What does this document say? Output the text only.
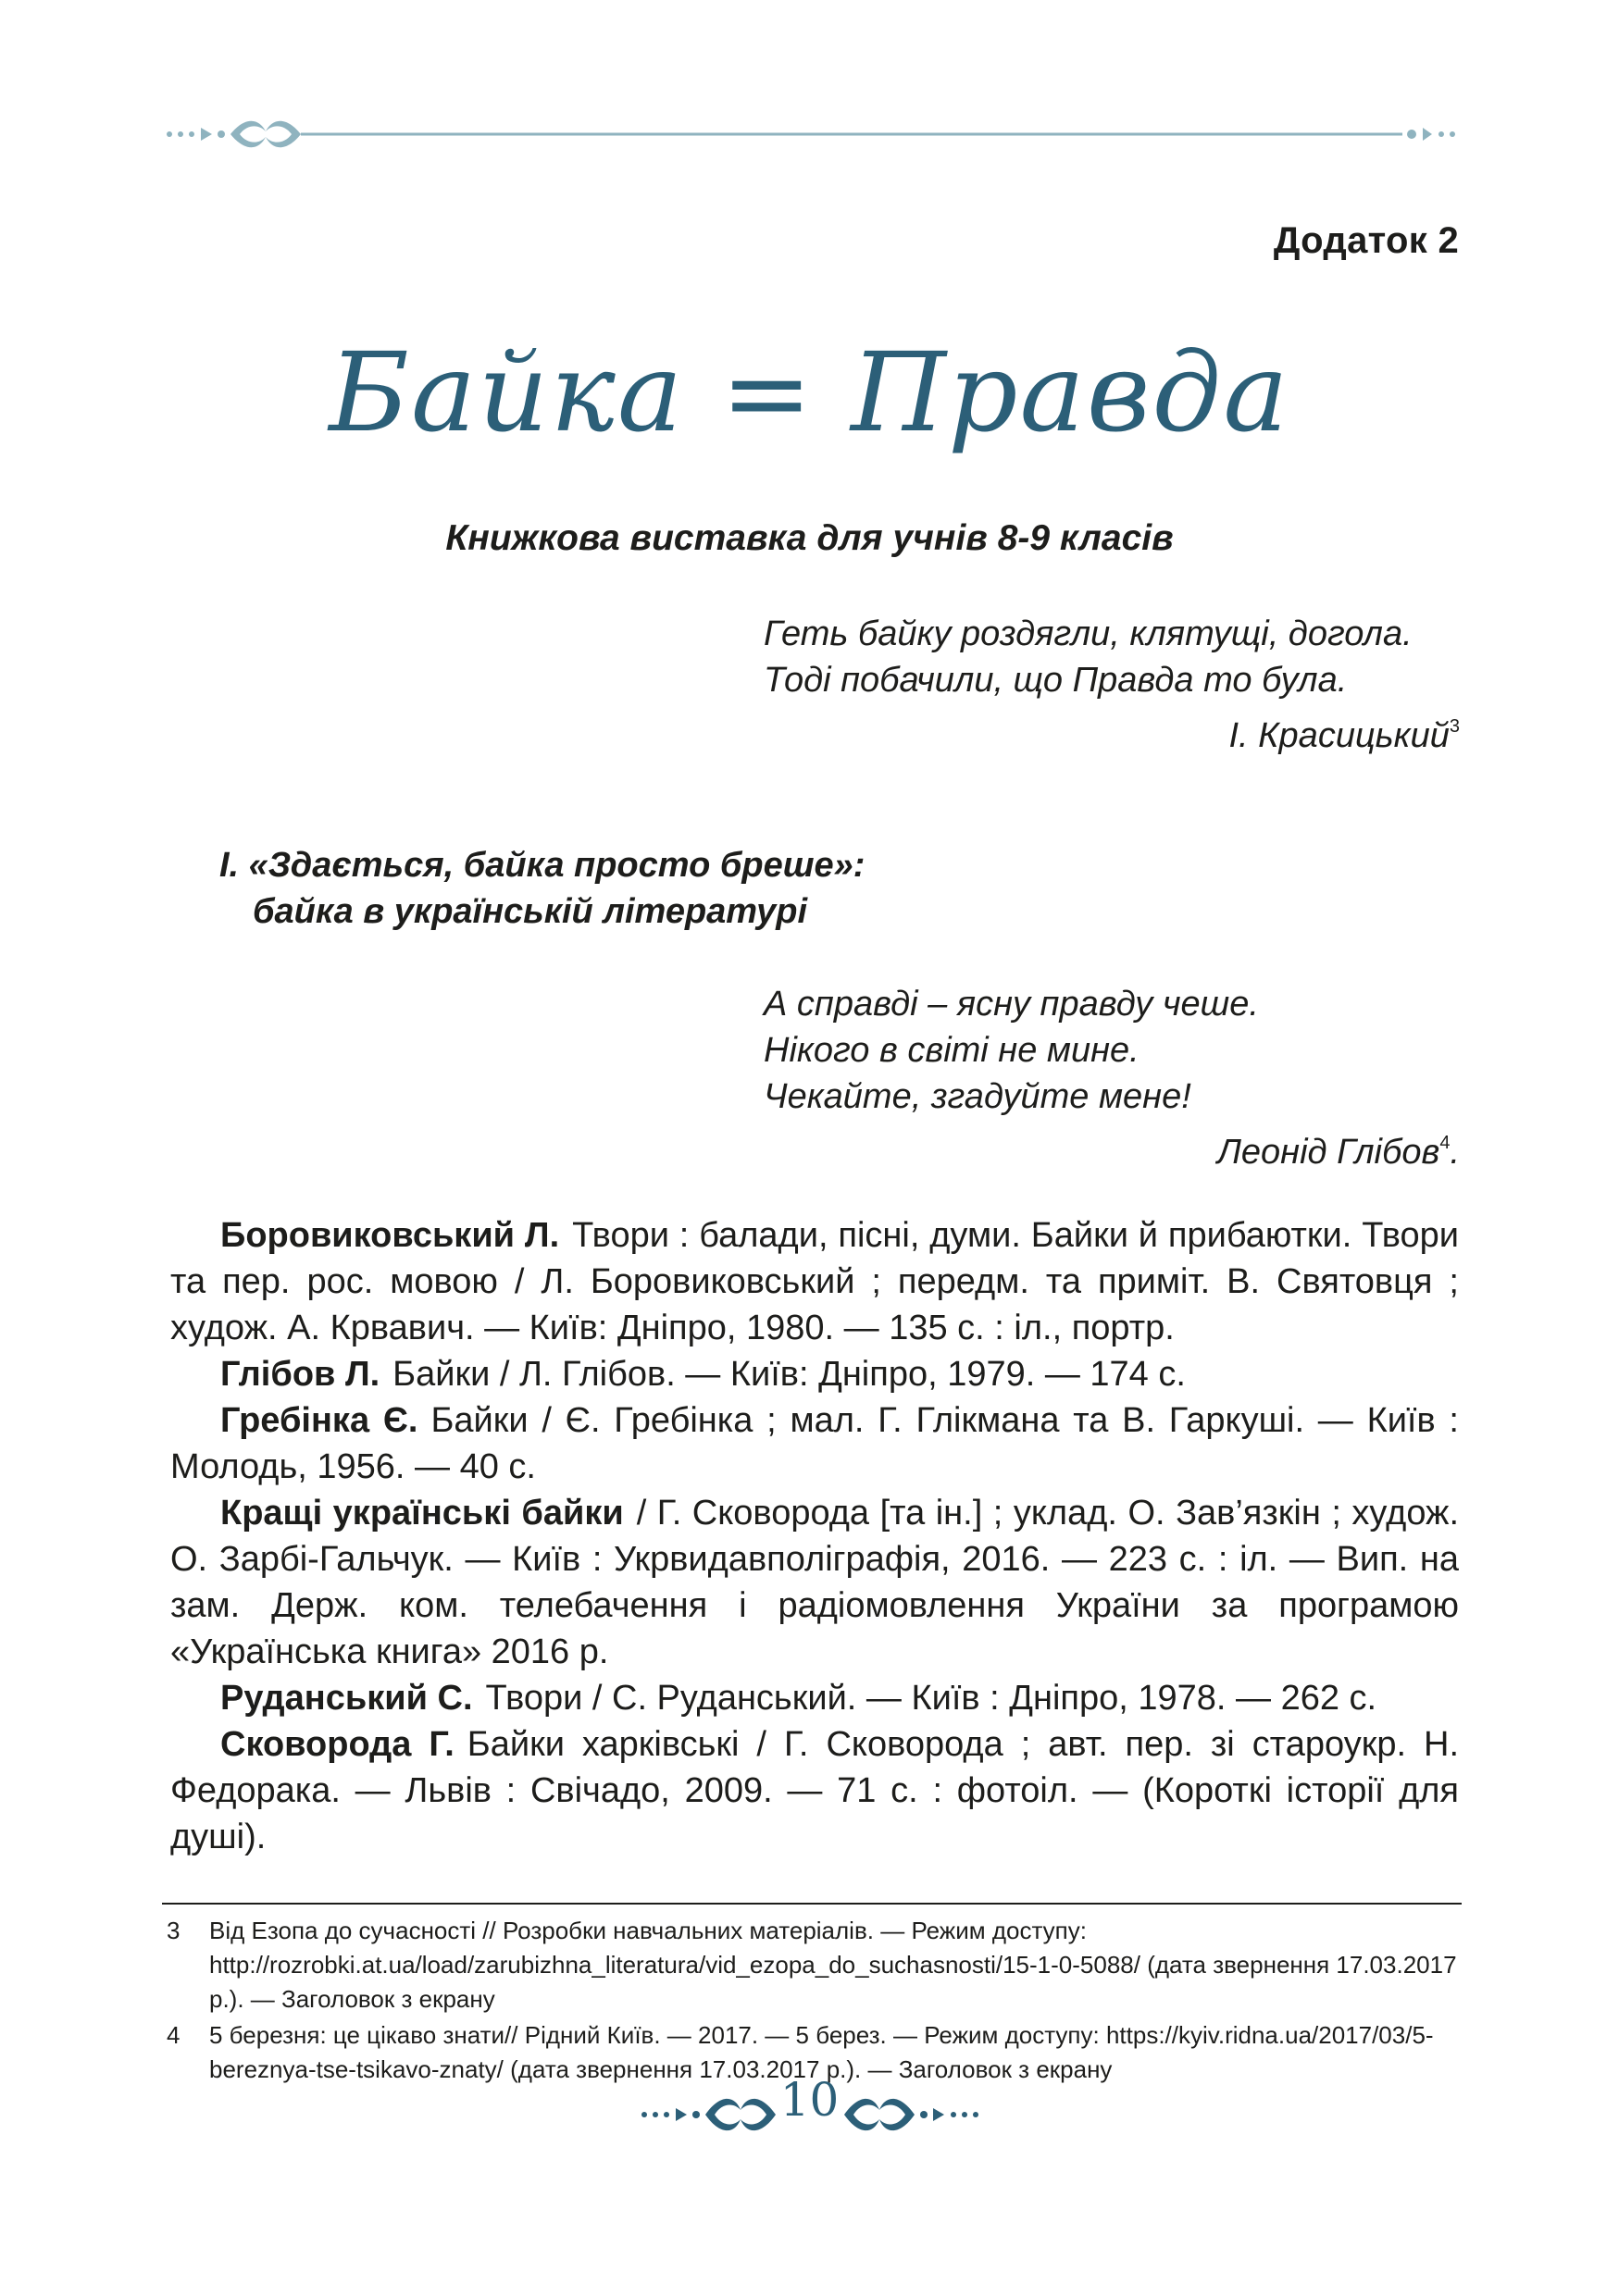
Додаток 2
Байка = Правда
Книжкова виставка для учнів 8-9 класів
Геть байку роздягли, клятущі, догола.
Тоді побачили, що Правда то була.
І. Красицький$^3$
І. «Здається, байка просто бреше»:
байка в українській літературі
А справді – ясну правду чеше.
Нікого в світі не мине.
Чекайте, згадуйте мене!
Леонід Глібов$^4$.

Боровиковський Л. Твори : балади, пісні, думи. Байки й прибаютки. Твори та пер. рос. мовою / Л. Боровиковський ; передм. та приміт. В. Святовця ; худож. А. Крвавич. — Київ: Дніпро, 1980. — 135 с. : іл., портр.

Глібов Л. Байки / Л. Глібов. — Київ: Дніпро, 1979. — 174 с.

Гребінка Є. Байки / Є. Гребінка ; мал. Г. Глікмана та В. Гаркуші. — Київ : Молодь, 1956. — 40 с.

Кращі українські байки / Г. Сковорода [та ін.] ; уклад. О. Зав’язкін ; худож. О. Зарбі-Гальчук. — Київ : Укрвидавполіграфія, 2016. — 223 с. : іл. — Вип. на зам. Держ. ком. телебачення і радіомовлення України за програмою «Українська книга» 2016 р.

Руданський С. Твори / С. Руданський. — Київ : Дніпро, 1978. — 262 с.

Сковорода Г. Байки харківські / Г. Сковорода ; авт. пер. зі староукр. Н. Федорака. — Львів : Свічадо, 2009. — 71 с. : фотоіл. — (Короткі історії для душі).

3 Від Езопа до сучасності // Розробки навчальних матеріалів. — Режим доступу: http://rozrobki.at.ua/load/zarubizhna_literatura/vid_ezopa_do_suchasnosti/15-1-0-5088/ (дата звернення 17.03.2017 р.). — Заголовок з екрану
4 5 березня: це цікаво знати// Рідний Київ. — 2017. — 5 берез. — Режим доступу: https://kyiv.ridna.ua/2017/03/5-bereznya-tse-tsikavo-znaty/ (дата звернення 17.03.2017 р.). — Заголовок з екрану
10
